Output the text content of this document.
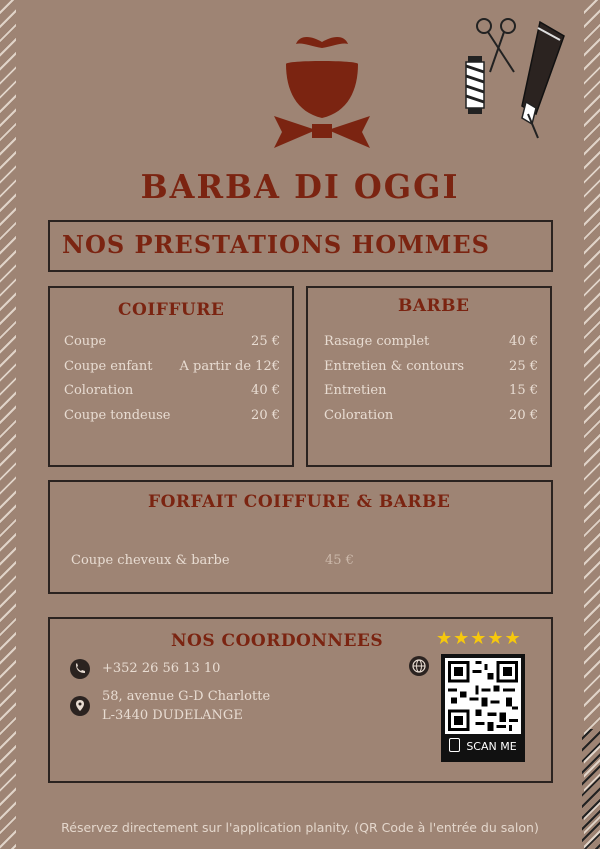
BARBA DI OGGI
NOS PRESTATIONS HOMMES
COIFFURE
Coupe	25 €
Coupe enfant A partir de 12€
Coloration	40 €
Coupe tondeuse	20 €
BARBE
Rasage complet	40 €
Entretien & contours	25 €
Entretien	15 €
Coloration	20 €
FORFAIT COIFFURE & BARBE
Coupe cheveux & barbe	45 €
NOS COORDONNEES
+352 26 56 13 10
58, avenue G-D Charlotte
L-3440 DUDELANGE
★★★★★
SCAN ME
Réservez directement sur l'application planity. (QR Code à l'entrée du salon)
